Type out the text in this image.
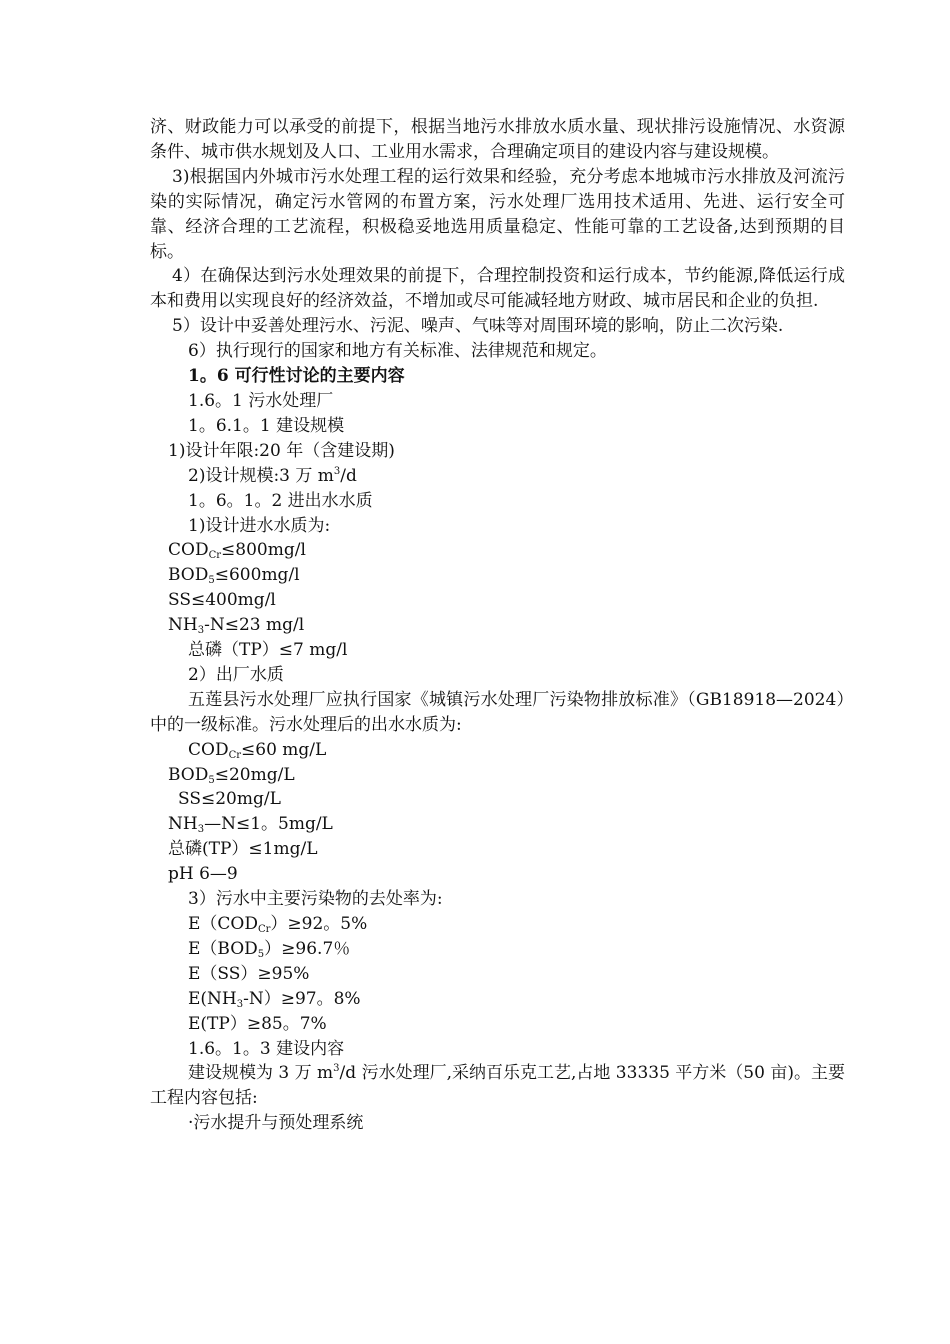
济、财政能力可以承受的前提下，根据当地污水排放水质水量、现状排污设施情况、水资源条件、城市供水规划及人口、工业用水需求，合理确定项目的建设内容与建设规模。

3)根据国内外城市污水处理工程的运行效果和经验，充分考虑本地城市污水排放及河流污染的实际情况，确定污水管网的布置方案，污水处理厂选用技术适用、先进、运行安全可靠、经济合理的工艺流程，积极稳妥地选用质量稳定、性能可靠的工艺设备,达到预期的目标。

4）在确保达到污水处理效果的前提下，合理控制投资和运行成本，节约能源,降低运行成本和费用以实现良好的经济效益，不增加或尽可能减轻地方财政、城市居民和企业的负担.

5）设计中妥善处理污水、污泥、噪声、气味等对周围环境的影响，防止二次污染.

6）执行现行的国家和地方有关标准、法律规范和规定。

1。6 可行性讨论的主要内容

1.6。1 污水处理厂

1。6.1。1 建设规模

1)设计年限:20 年（含建设期)

2)设计规模:3 万 $m^3/d$

1。6。1。2 进出水水质

1)设计进水水质为:

$COD_{Cr}\le 800mg/l$

$BOD_5\le 600mg/l$

SS≤400mg/l

$NH_3-N\le 23$ mg/l

总磷（TP）≤7 mg/l

2）出厂水质

五莲县污水处理厂应执行国家《城镇污水处理厂污染物排放标准》（GB18918—2024）中的一级标准。污水处理后的出水水质为:

$COD_{Cr}\le 60$ mg/L

$BOD_5\le 20mg/L$

SS≤20mg/L

$NH_3—N\le 1$。5mg/L

总磷(TP）≤1mg/L

pH 6—9

3）污水中主要污染物的去处率为:

$E(COD_{Cr})\ge 92$。5%

$E(BOD_5)\ge 96.7$％

E（SS）≥95%

$E(NH_3-N)\ge 97$。8%

E(TP）≥85。7%

1.6。1。3 建设内容

建设规模为 3 万 $m^3/d$ 污水处理厂,采纳百乐克工艺,占地 33335 平方米（50 亩)。主要工程内容包括:

·污水提升与预处理系统
